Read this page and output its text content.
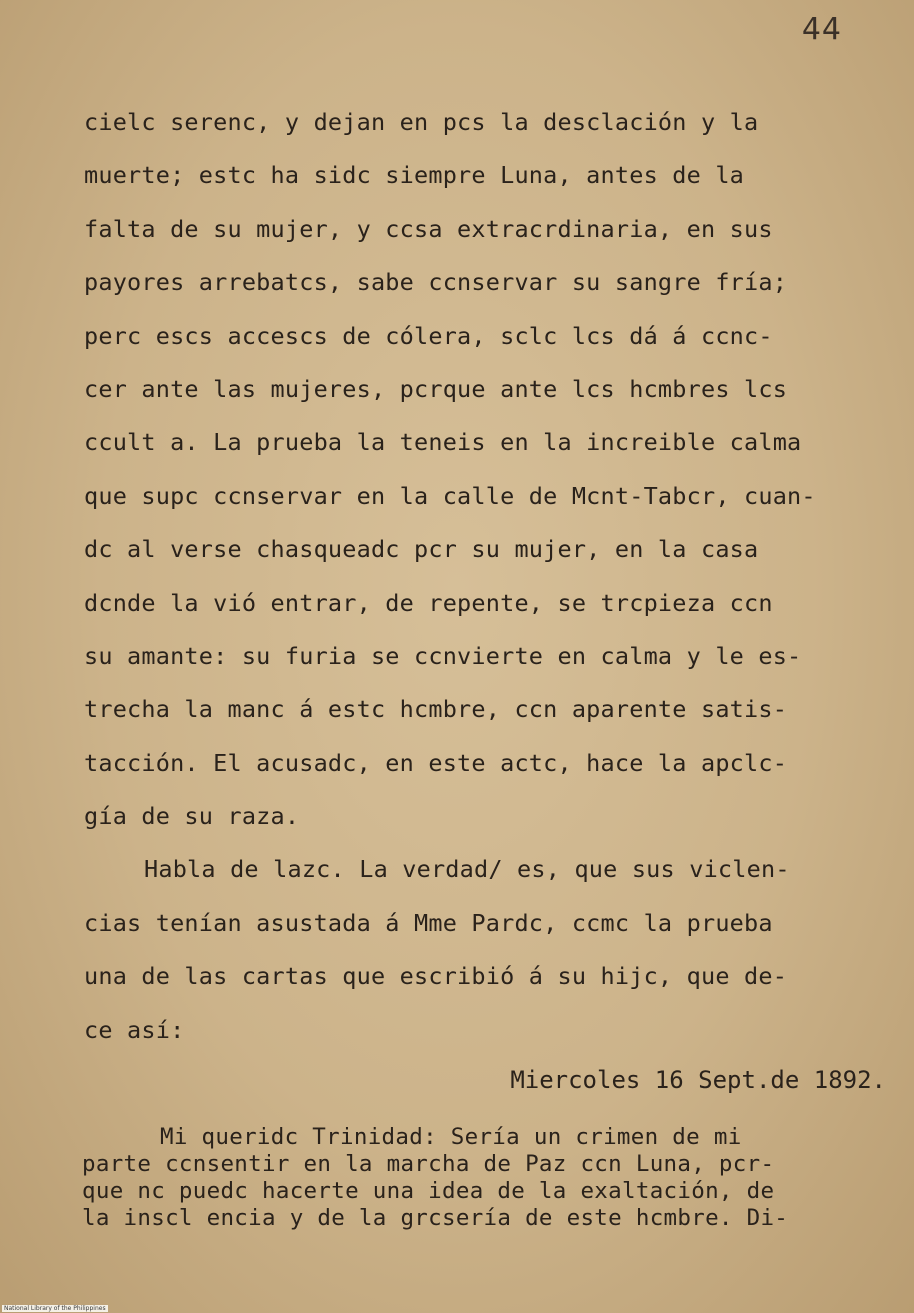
44
cielc serenc, y dejan en pcs la desclación y la
muerte; estc ha sidc siempre Luna, antes de la
falta de su mujer, y ccsa extracrdinaria, en sus
payores arrebatcs, sabe ccnservar su sangre fría;
perc escs accescs de cólera, sclc lcs dá á ccnc-
cer ante las mujeres, pcrque ante lcs hcmbres lcs
ccult a. La prueba la teneis en la increible calma
que supc ccnservar en la calle de Mcnt-Tabcr, cuan-
dc al verse chasqueadc pcr su mujer, en la casa
dcnde la vió entrar, de repente, se trcpieza ccn
su amante: su furia se ccnvierte en calma y le es-
trecha la manc á estc hcmbre, ccn aparente satis-
tacción. El acusadc, en este actc, hace la apclc-
gía de su raza.
Habla de lazc. La verdad/ es, que sus viclen-
cias tenían asustada á Mme Pardc, ccmc la prueba
una de las cartas que escribió á su hijc, que de-
ce así:
Miercoles 16 Sept.de 1892.
Mi queridc Trinidad: Sería un crimen de mi
parte ccnsentir en la marcha de Paz ccn Luna, pcr-
que nc puedc hacerte una idea de la exaltación, de
la inscl encia y de la grcsería de este hcmbre. Di-
National Library of the Philippines
